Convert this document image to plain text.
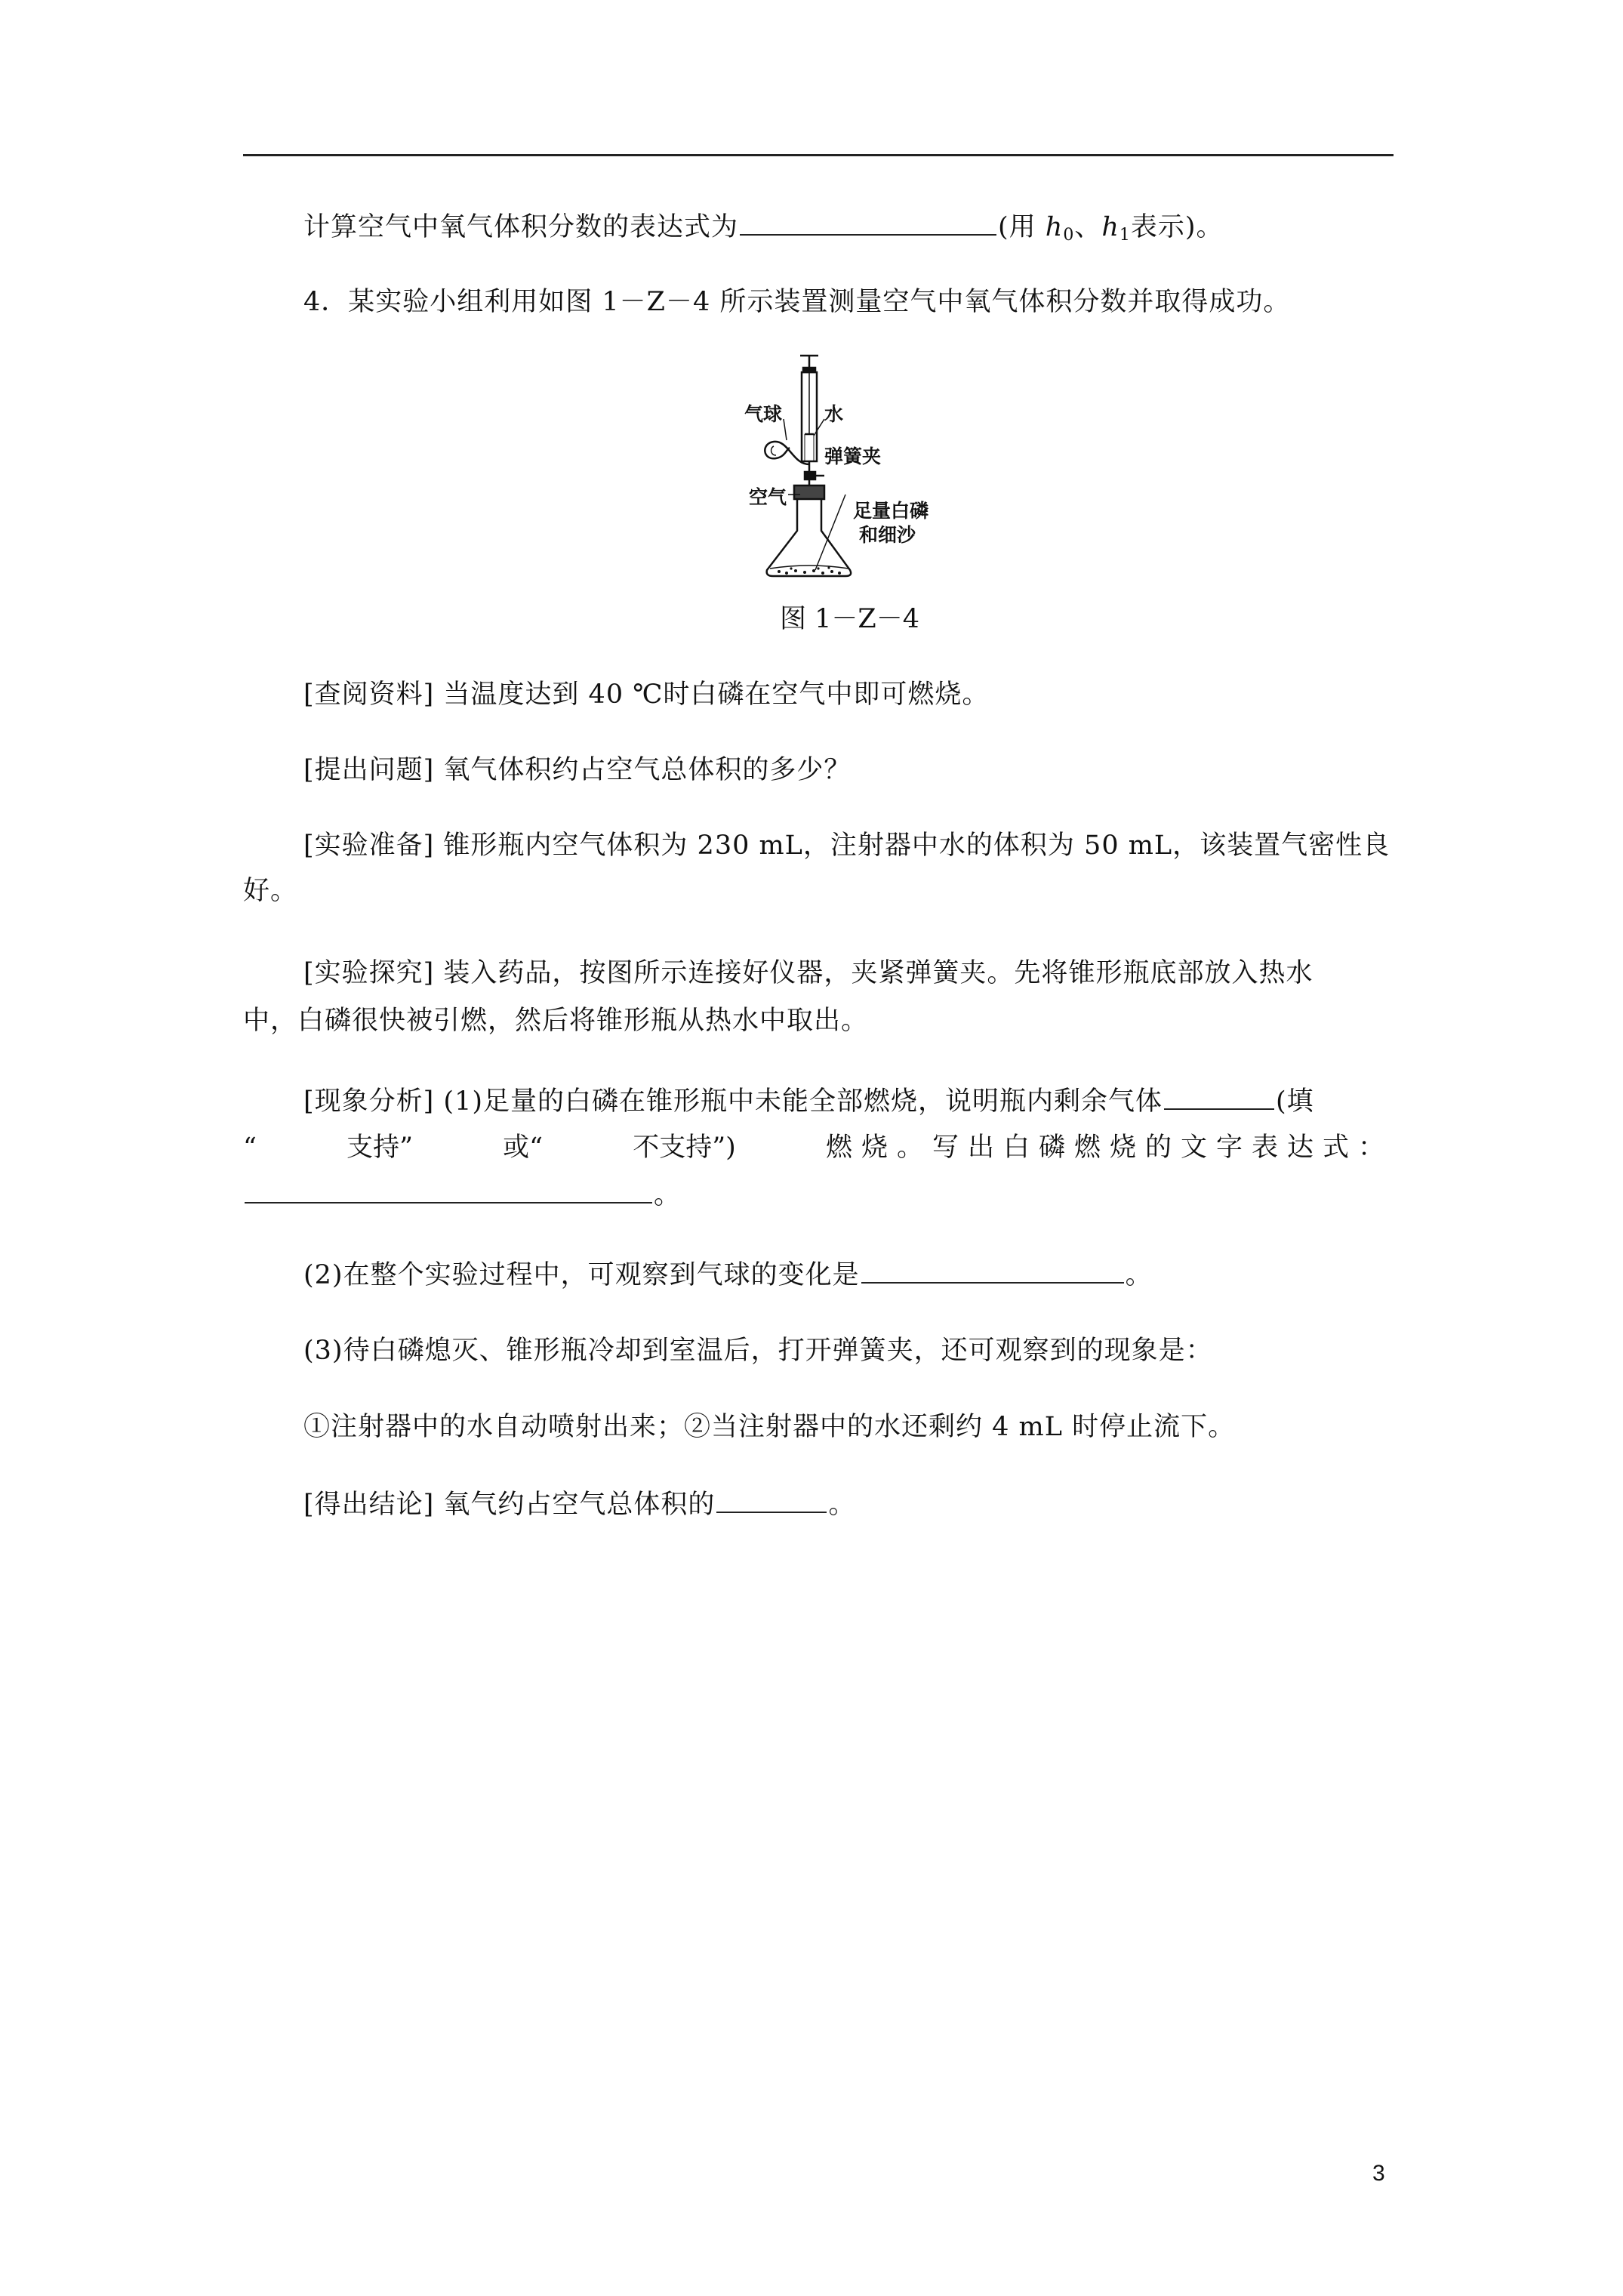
计算空气中氧气体积分数的表达式为	(用 $h_0$、$h_1$表示)。
4．某实验小组利用如图 1－Z－4 所示装置测量空气中氧气体积分数并取得成功。
气球 水
弹簧夹
空气
足量白磷
和细沙
图 1－Z－4
[查阅资料] 当温度达到 40 ℃时白磷在空气中即可燃烧。
[提出问题] 氧气体积约占空气总体积的多少？
[实验准备] 锥形瓶内空气体积为 230 mL，注射器中水的体积为 50 mL，该装置气密性良
好。
[实验探究] 装入药品，按图所示连接好仪器，夹紧弹簧夹。先将锥形瓶底部放入热水
中，白磷很快被引燃，然后将锥形瓶从热水中取出。
[现象分析] (1)足量的白磷在锥形瓶中未能全部燃烧，说明瓶内剩余气体	(填
“	支持”	或“	不支持”)	燃烧。写出白磷燃烧的文字表达式：
。
(2)在整个实验过程中，可观察到气球的变化是	。
(3)待白磷熄灭、锥形瓶冷却到室温后，打开弹簧夹，还可观察到的现象是：
①注射器中的水自动喷射出来；②当注射器中的水还剩约 4 mL 时停止流下。
[得出结论] 氧气约占空气总体积的	。
3
